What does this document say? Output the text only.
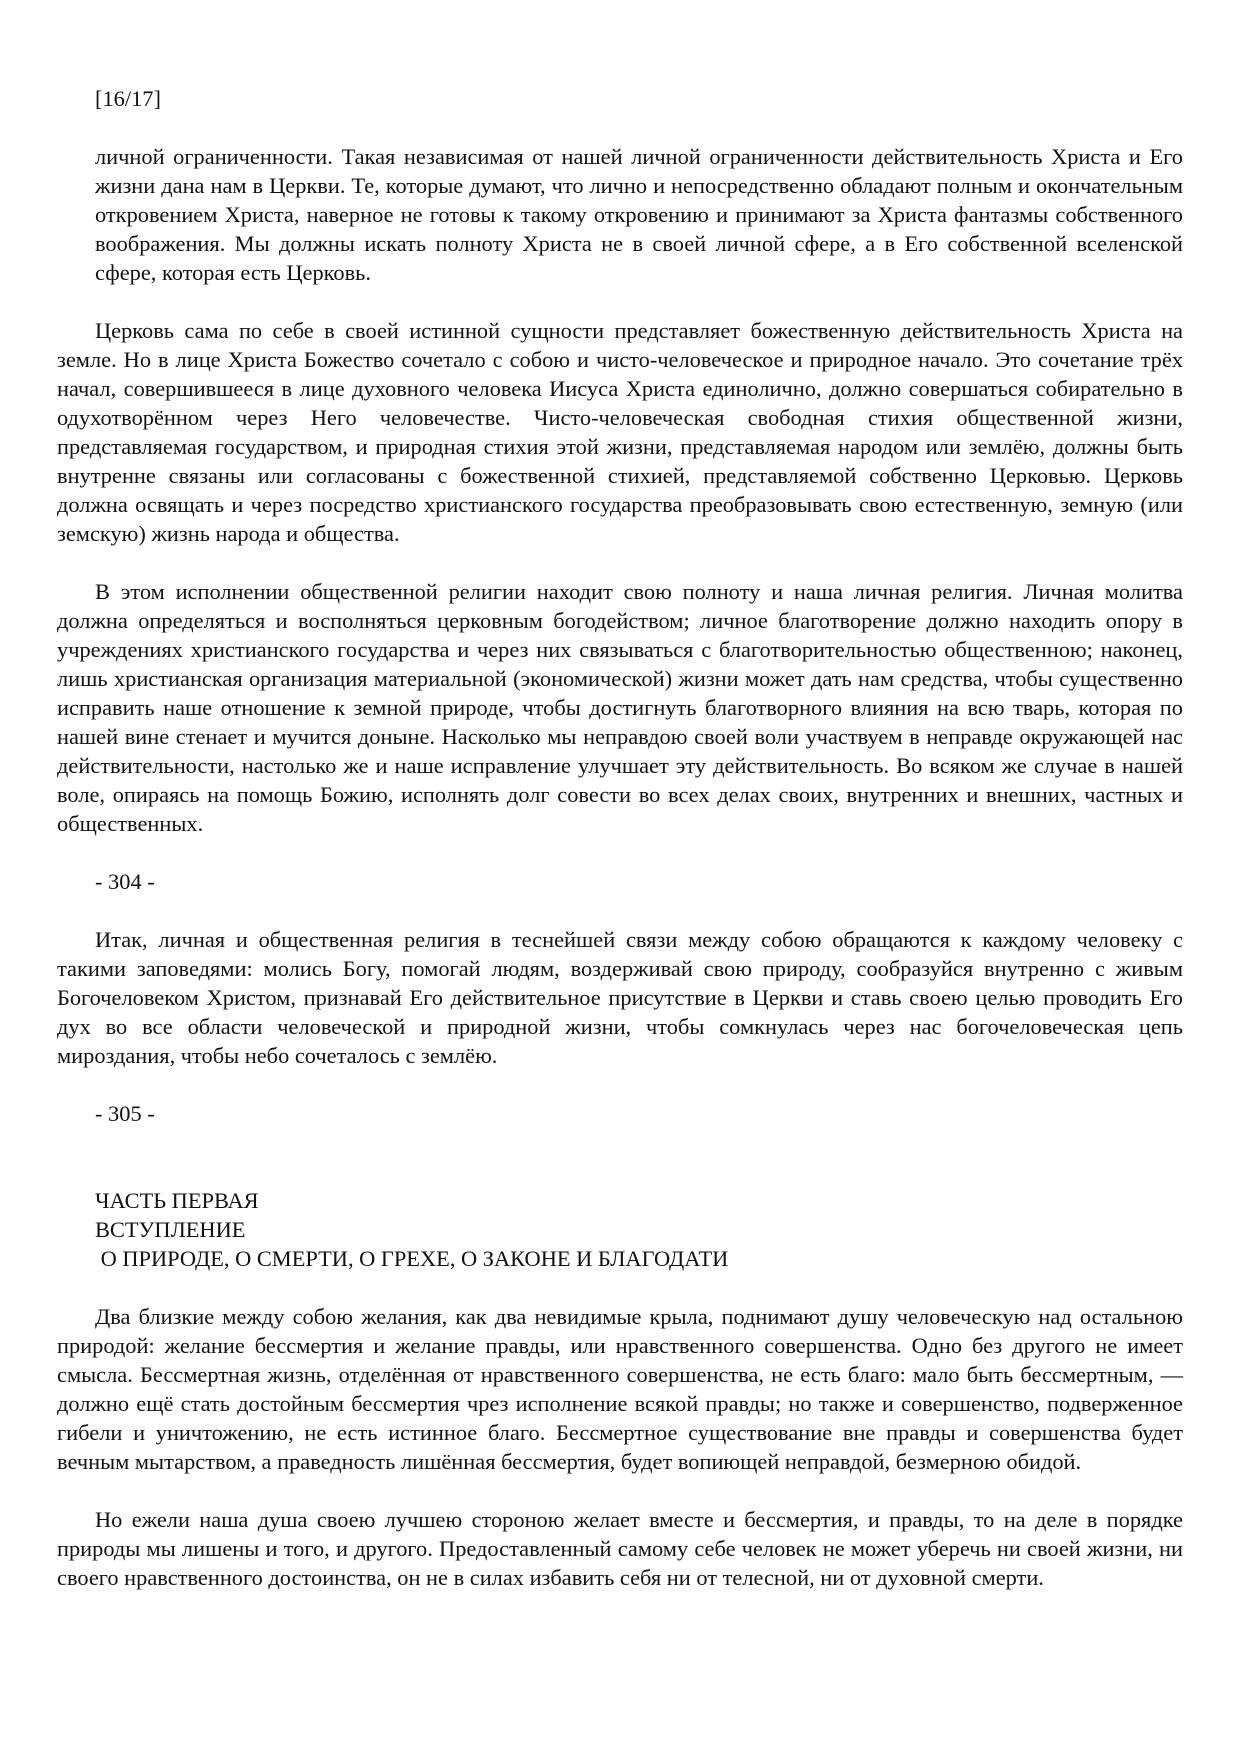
[16/17]

личной ограниченности. Такая независимая от нашей личной ограниченности действительность Христа и Его жизни дана нам в Церкви. Те, которые думают, что лично и непосредственно обладают полным и окончательным откровением Христа, наверное не готовы к такому откровению и принимают за Христа фантазмы собственного воображения. Мы должны искать полноту Христа не в своей личной сфере, а в Его собственной вселенской сфере, которая есть Церковь.

Церковь сама по себе в своей истинной сущности представляет божественную действительность Христа на земле. Но в лице Христа Божество сочетало с собою и чисто-человеческое и природное начало. Это сочетание трёх начал, совершившееся в лице духовного человека Иисуса Христа единолично, должно совершаться собирательно в одухотворённом через Него человечестве. Чисто-человеческая свободная стихия общественной жизни, представляемая государством, и природная стихия этой жизни, представляемая народом или землёю, должны быть внутренне связаны или согласованы с божественной стихией, представляемой собственно Церковью. Церковь должна освящать и через посредство христианского государства преобразовывать свою естественную, земную (или земскую) жизнь народа и общества.

В этом исполнении общественной религии находит свою полноту и наша личная религия. Личная молитва должна определяться и восполняться церковным богодейством; личное благотворение должно находить опору в учреждениях христианского государства и через них связываться с благотворительностью общественною; наконец, лишь христианская организация материальной (экономической) жизни может дать нам средства, чтобы существенно исправить наше отношение к земной природе, чтобы достигнуть благотворного влияния на всю тварь, которая по нашей вине стенает и мучится доныне. Насколько мы неправдою своей воли участвуем в неправде окружающей нас действительности, настолько же и наше исправление улучшает эту действительность. Во всяком же случае в нашей воле, опираясь на помощь Божию, исполнять долг совести во всех делах своих, внутренних и внешних, частных и общественных.

- 304 -

Итак, личная и общественная религия в теснейшей связи между собою обращаются к каждому человеку с такими заповедями: молись Богу, помогай людям, воздерживай свою природу, сообразуйся внутренно с живым Богочеловеком Христом, признавай Его действительное присутствие в Церкви и ставь своею целью проводить Его дух во все области человеческой и природной жизни, чтобы сомкнулась через нас богочеловеческая цепь мироздания, чтобы небо сочеталось с землёю.

- 305 -

ЧАСТЬ ПЕРВАЯ
ВСТУПЛЕНИЕ
О ПРИРОДЕ, О СМЕРТИ, О ГРЕХЕ, О ЗАКОНЕ И БЛАГОДАТИ

Два близкие между собою желания, как два невидимые крыла, поднимают душу человеческую над остальною природой: желание бессмертия и желание правды, или нравственного совершенства. Одно без другого не имеет смысла. Бессмертная жизнь, отделённая от нравственного совершенства, не есть благо: мало быть бессмертным, — должно ещё стать достойным бессмертия чрез исполнение всякой правды; но также и совершенство, подверженное гибели и уничтожению, не есть истинное благо. Бессмертное существование вне правды и совершенства будет вечным мытарством, а праведность лишённая бессмертия, будет вопиющей неправдой, безмерною обидой.

Но ежели наша душа своею лучшею стороною желает вместе и бессмертия, и правды, то на деле в порядке природы мы лишены и того, и другого. Предоставленный самому себе человек не может уберечь ни своей жизни, ни своего нравственного достоинства, он не в силах избавить себя ни от телесной, ни от духовной смерти.
